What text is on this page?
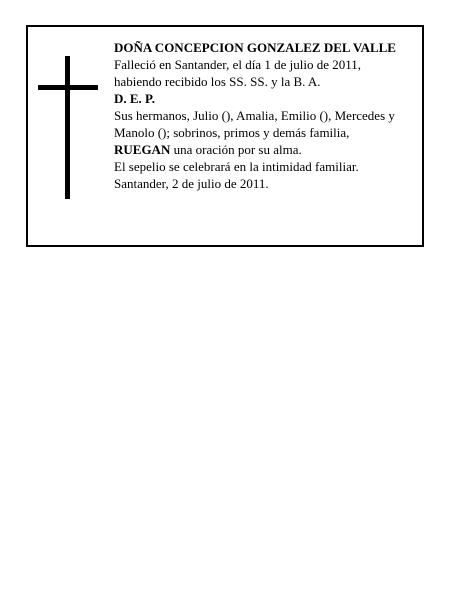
DOÑA CONCEPCION GONZALEZ DEL VALLE

Falleció en Santander, el día 1 de julio de 2011,

habiendo recibido los SS. SS. y la B. A.

D. E. P.

Sus hermanos, Julio (), Amalia, Emilio (), Mercedes y

Manolo (); sobrinos, primos y demás familia,

RUEGAN una oración por su alma.

El sepelio se celebrará en la intimidad familiar.

Santander, 2 de julio de 2011.
